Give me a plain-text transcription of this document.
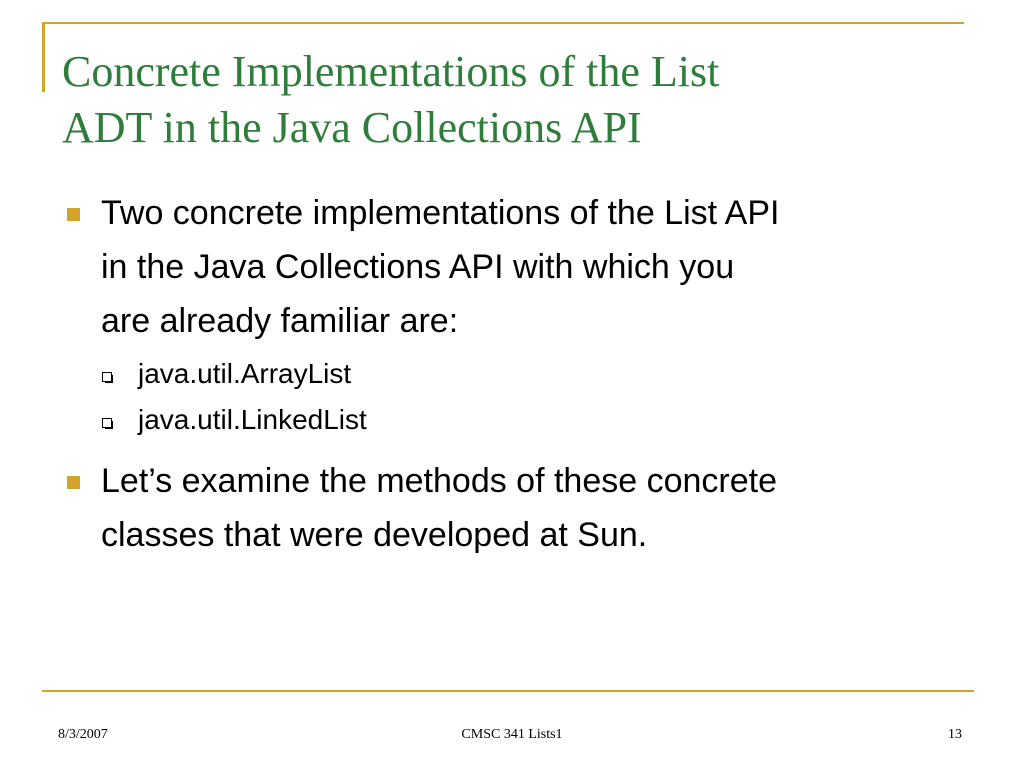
Concrete Implementations of the List
ADT in the Java Collections API
Two concrete implementations of the List API
in the Java Collections API with which you
are already familiar are:
java.util.ArrayList
java.util.LinkedList
Let’s examine the methods of these concrete
classes that were developed at Sun.
8/3/2007	CMSC 341 Lists1	13
